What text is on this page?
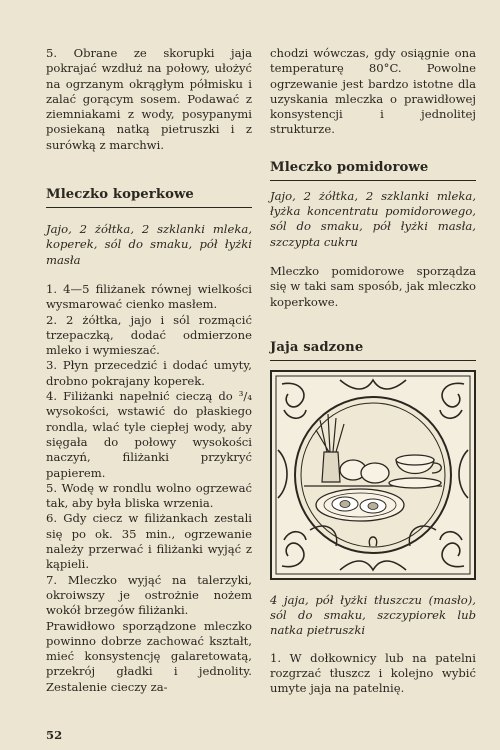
5. Obrane ze skorupki jaja pokrajać wzdłuż na połowy, ułożyć na ogrzanym okrągłym półmisku i zalać gorącym sosem. Podawać z ziemniakami z wody, posypanymi posiekaną natką pietruszki i z surówką z marchwi.

Mleczko koperkowe

Jajo, 2 żółtka, 2 szklanki mleka, koperek, sól do smaku, pół łyżki masła

1. 4—5 filiżanek równej wielkości wysmarować cienko masłem.

2. 2 żółtka, jajo i sól rozmącić trzepaczką, dodać odmierzone mleko i wymieszać.

3. Płyn przecedzić i dodać umyty, drobno pokrajany koperek.

4. Filiżanki napełnić cieczą do ³/₄ wysokości, wstawić do płaskiego rondla, wlać tyle ciepłej wody, aby sięgała do połowy wysokości naczyń, filiżanki przykryć papierem.

5. Wodę w rondlu wolno ogrzewać tak, aby była bliska wrzenia.

6. Gdy ciecz w filiżankach zestali się po ok. 35 min., ogrzewanie należy przerwać i filiżanki wyjąć z kąpieli.

7. Mleczko wyjąć na talerzyki, okroiwszy je ostrożnie nożem wokół brzegów filiżanki.

Prawidłowo sporządzone mleczko powinno dobrze zachować kształt, mieć konsystencję galaretowatą, przekrój gładki i jednolity. Zestalenie cieczy za-

chodzi wówczas, gdy osiągnie ona temperaturę 80°C. Powolne ogrzewanie jest bardzo istotne dla uzyskania mleczka o prawidłowej konsystencji i jednolitej strukturze.

Mleczko pomidorowe

Jajo, 2 żółtka, 2 szklanki mleka, łyżka koncentratu pomidorowego, sól do smaku, pół łyżki masła, szczypta cukru

Mleczko pomidorowe sporządza się w taki sam sposób, jak mleczko koperkowe.

Jaja sadzone

4 jaja, pół łyżki tłuszczu (masło), sól do smaku, szczypiorek lub natka pietruszki

1. W dołkownicy lub na patelni rozgrzać tłuszcz i kolejno wybić umyte jaja na patelnię.

52
